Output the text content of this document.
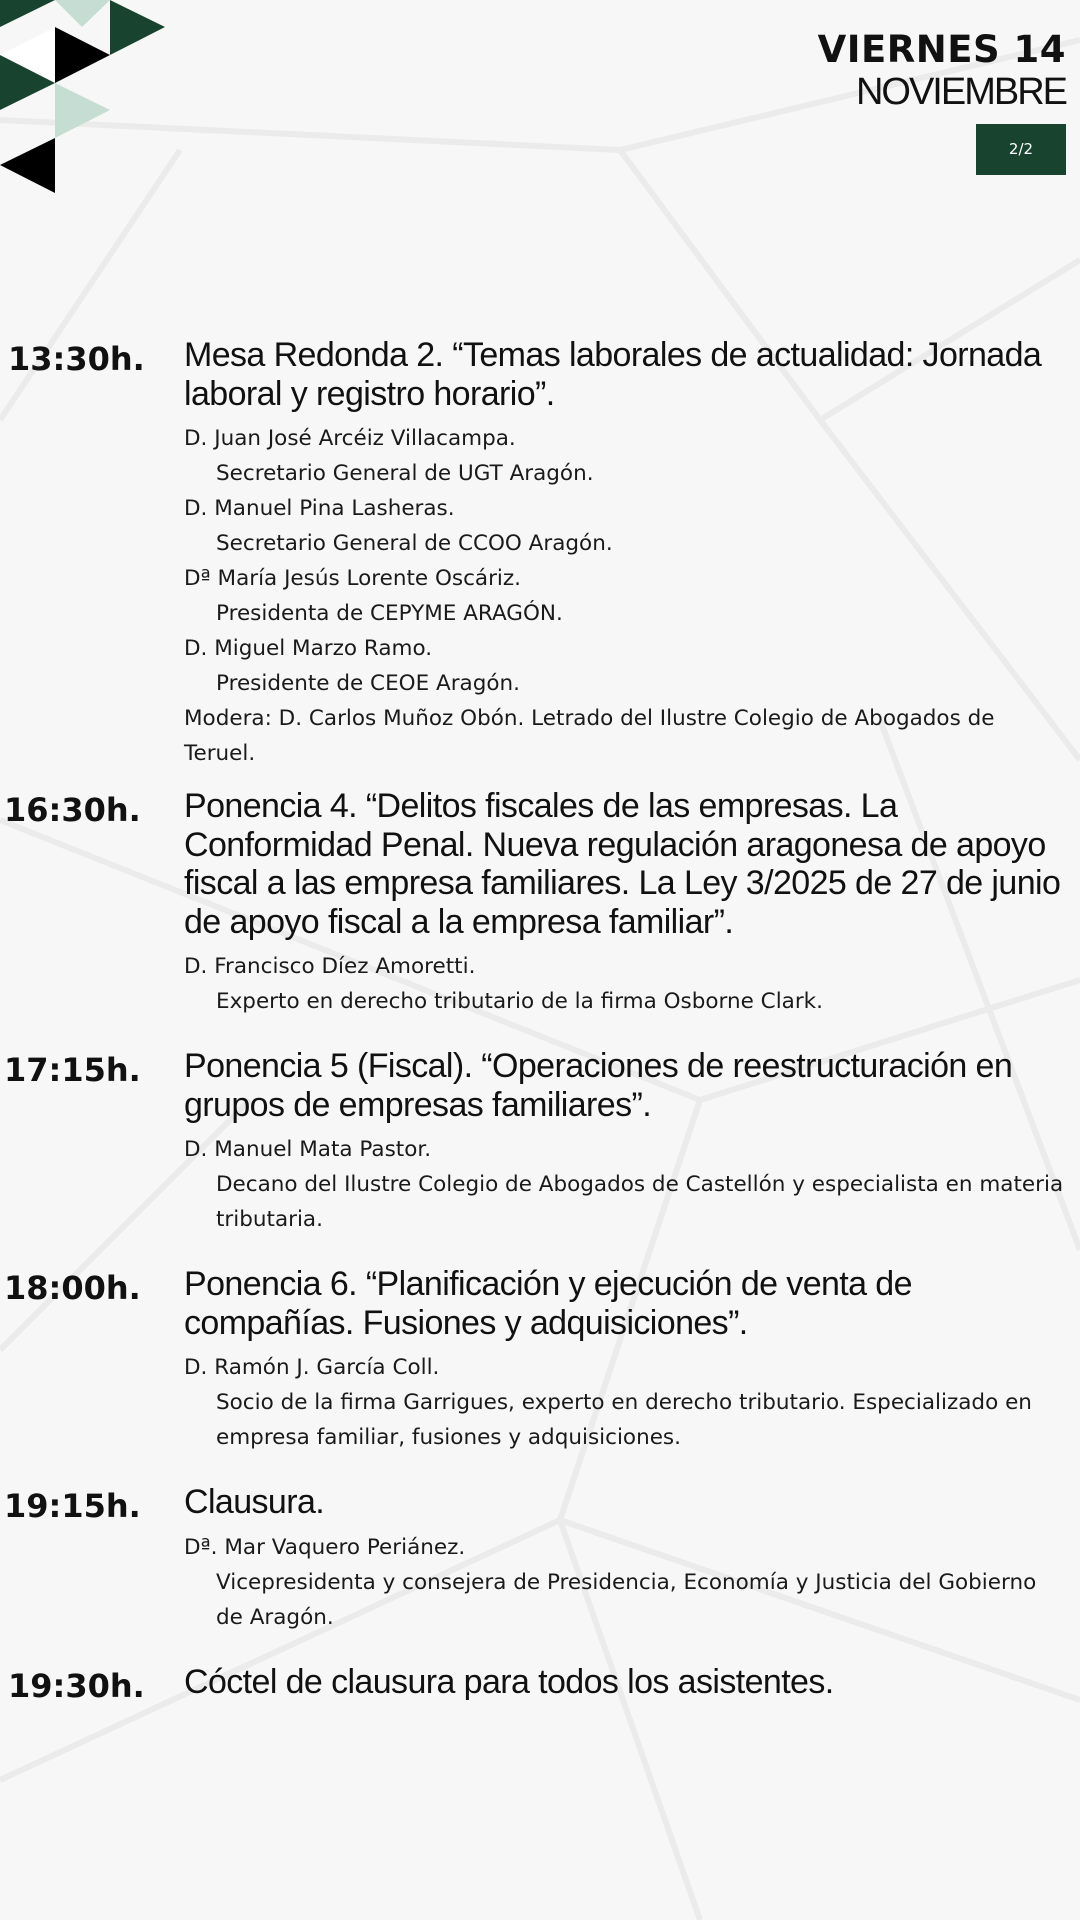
VIERNES 14
NOVIEMBRE
2/2
13:30h. Mesa Redonda 2. “Temas laborales de actualidad: Jornada laboral y registro horario”.
D. Juan José Arcéiz Villacampa.
Secretario General de UGT Aragón.
D. Manuel Pina Lasheras.
Secretario General de CCOO Aragón.
Dª María Jesús Lorente Oscáriz.
Presidenta de CEPYME ARAGÓN.
D. Miguel Marzo Ramo.
Presidente de CEOE Aragón.
Modera: D. Carlos Muñoz Obón. Letrado del Ilustre Colegio de Abogados de Teruel.
16:30h. Ponencia 4. “Delitos fiscales de las empresas. La Conformidad Penal. Nueva regulación aragonesa de apoyo fiscal a las empresa familiares. La Ley 3/2025 de 27 de junio de apoyo fiscal a la empresa familiar”.
D. Francisco Díez Amoretti.
Experto en derecho tributario de la firma Osborne Clark.
17:15h. Ponencia 5 (Fiscal). “Operaciones de reestructuración en grupos de empresas familiares”.
D. Manuel Mata Pastor.
Decano del Ilustre Colegio de Abogados de Castellón y especialista en materia tributaria.
18:00h. Ponencia 6. “Planificación y ejecución de venta de compañías. Fusiones y adquisiciones”.
D. Ramón J. García Coll.
Socio de la firma Garrigues, experto en derecho tributario. Especializado en empresa familiar, fusiones y adquisiciones.
19:15h. Clausura.
Dª. Mar Vaquero Periánez.
Vicepresidenta y consejera de Presidencia, Economía y Justicia del Gobierno de Aragón.
19:30h. Cóctel de clausura para todos los asistentes.
